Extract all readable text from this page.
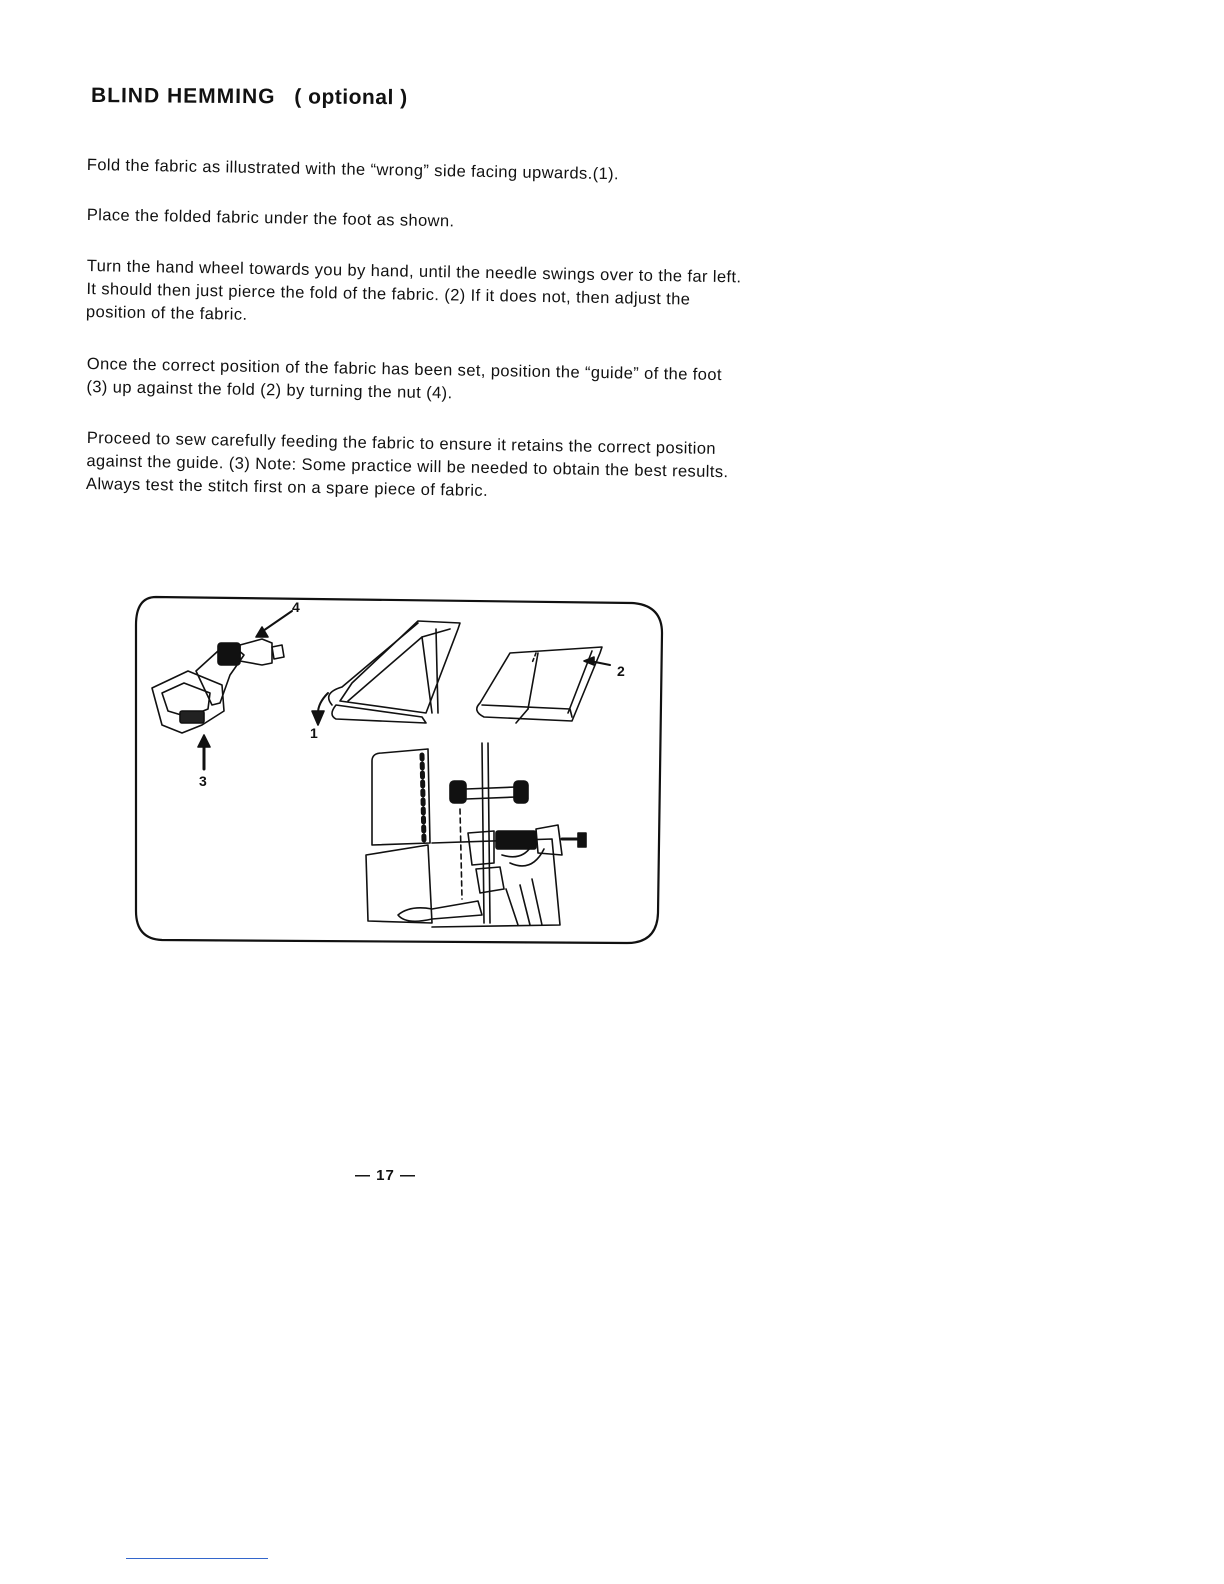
BLIND HEMMING ( optional )

Fold the fabric as illustrated with the “wrong” side facing upwards.(1).

Place the folded fabric under the foot as shown.

Turn the hand wheel towards you by hand, until the needle swings over to the far left. It should then just pierce the fold of the fabric. (2) If it does not, then adjust the position of the fabric.

Once the correct position of the fabric has been set, position the “guide” of the foot (3) up against the fold (2) by turning the nut (4).

Proceed to sew carefully feeding the fabric to ensure it retains the correct position against the guide. (3) Note: Some practice will be needed to obtain the best results. Always test the stitch first on a spare piece of fabric.

4
2
1
3
— 17 —
